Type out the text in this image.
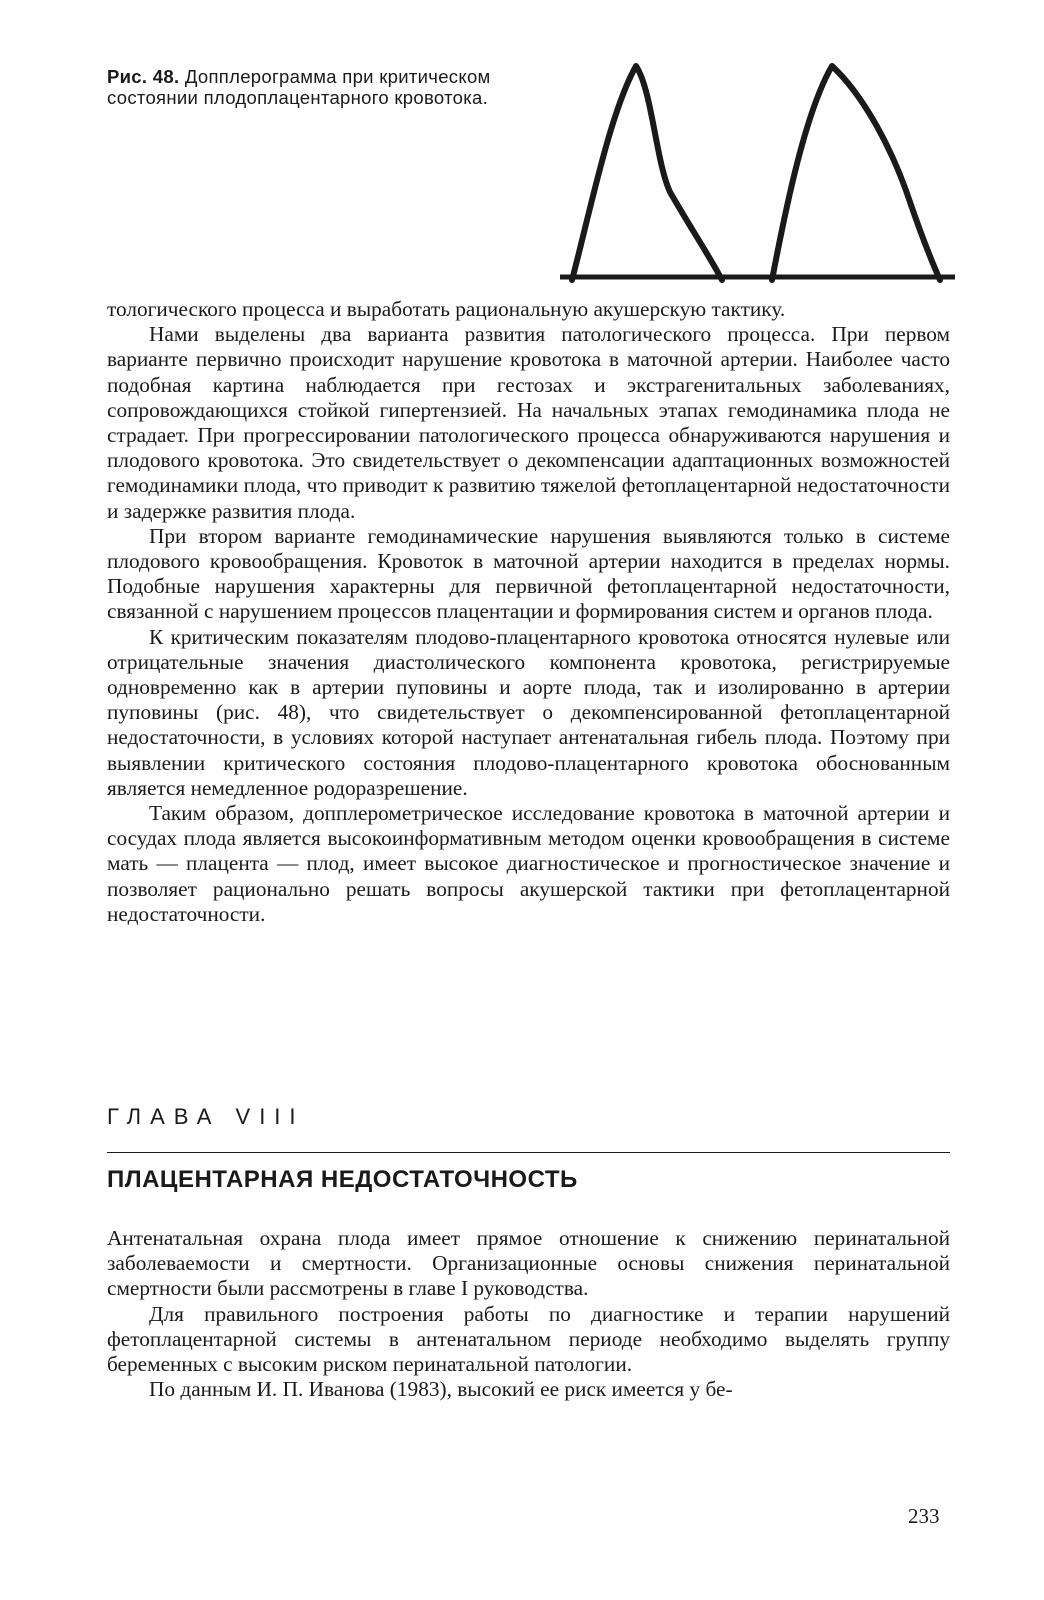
Рис. 48. Допплерограмма при критическом состоянии плодоплацентарного кровотока.

тологического процесса и выработать рациональную акушерскую тактику.

Нами выделены два варианта развития патологического процесса. При первом варианте первично происходит нарушение кровотока в маточной артерии. Наиболее часто подобная картина наблюдается при гестозах и экстрагенитальных заболеваниях, сопровождающихся стойкой гипертензией. На начальных этапах гемодинамика плода не страдает. При прогрессировании патологического процесса обнаруживаются нарушения и плодового кровотока. Это свидетельствует о декомпенсации адаптационных возможностей гемодинамики плода, что приводит к развитию тяжелой фетоплацентарной недостаточности и задержке развития плода.

При втором варианте гемодинамические нарушения выявляются только в системе плодового кровообращения. Кровоток в маточной артерии находится в пределах нормы. Подобные нарушения характерны для первичной фетоплацентарной недостаточности, связанной с нарушением процессов плацентации и формирования систем и органов плода.

К критическим показателям плодово-плацентарного кровотока относятся нулевые или отрицательные значения диастолического компонента кровотока, регистрируемые одновременно как в артерии пуповины и аорте плода, так и изолированно в артерии пуповины (рис. 48), что свидетельствует о декомпенсированной фетоплацентарной недостаточности, в условиях которой наступает антенатальная гибель плода. Поэтому при выявлении критического состояния плодово-плацентарного кровотока обоснованным является немедленное родоразрешение.

Таким образом, допплерометрическое исследование кровотока в маточной артерии и сосудах плода является высокоинформативным методом оценки кровообращения в системе мать — плацента — плод, имеет высокое диагностическое и прогностическое значение и позволяет рационально решать вопросы акушерской тактики при фетоплацентарной недостаточности.

ГЛАВА VIII
ПЛАЦЕНТАРНАЯ НЕДОСТАТОЧНОСТЬ

Антенатальная охрана плода имеет прямое отношение к снижению перинатальной заболеваемости и смертности. Организационные основы снижения перинатальной смертности были рассмотрены в главе I руководства.

Для правильного построения работы по диагностике и терапии нарушений фетоплацентарной системы в антенатальном периоде необходимо выделять группу беременных с высоким риском перинатальной патологии.

По данным И. П. Иванова (1983), высокий ее риск имеется у бе-

233
